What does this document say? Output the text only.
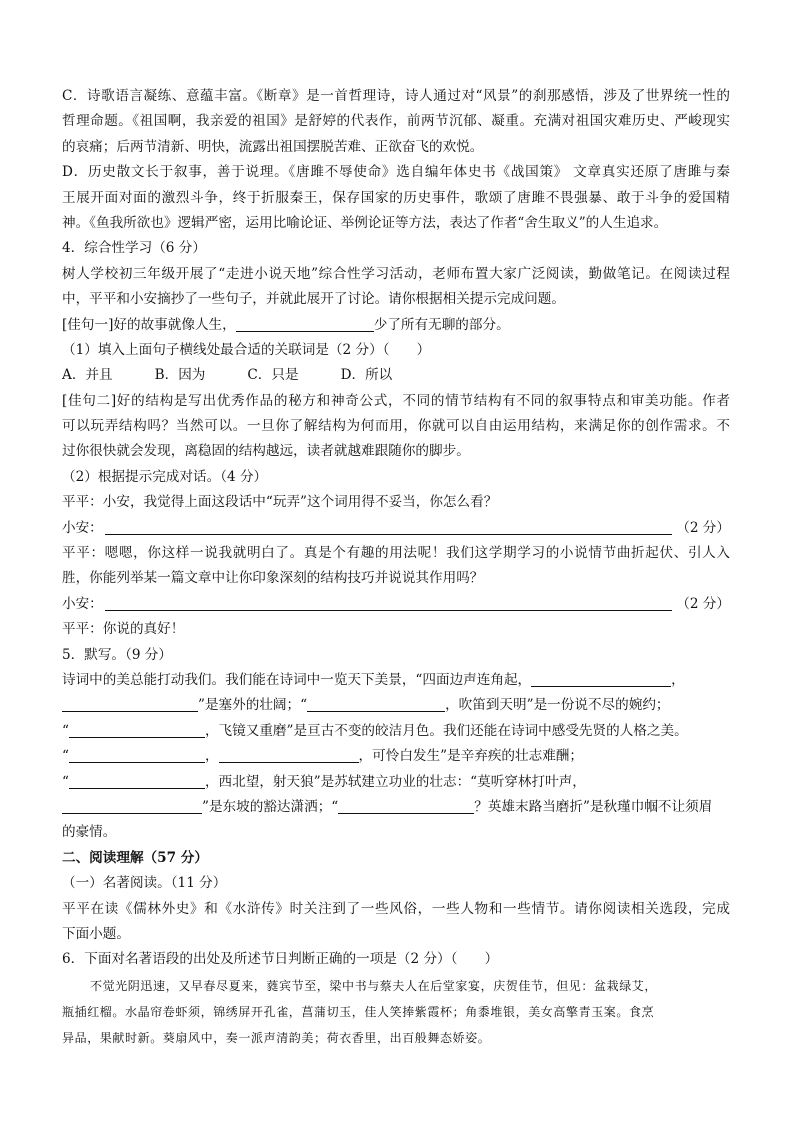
C．诗歌语言凝练、意蕴丰富。《断章》是一首哲理诗，诗人通过对“风景”的刹那感悟，涉及了世界统一性的
哲理命题。《祖国啊，我亲爱的祖国》是舒婷的代表作，前两节沉郁、凝重。充满对祖国灾难历史、严峻现实
的哀痛；后两节清新、明快，流露出祖国摆脱苦难、正欲奋飞的欢悦。
D．历史散文长于叙事，善于说理。《唐雎不辱使命》选自编年体史书《战国策》 文章真实还原了唐雎与秦
王展开面对面的激烈斗争，终于折服秦王，保存国家的历史事件，歌颂了唐雎不畏强暴、敢于斗争的爱国精
神。《鱼我所欲也》逻辑严密，运用比喻论证、举例论证等方法，表达了作者“舍生取义”的人生追求。
4．综合性学习（6 分）
树人学校初三年级开展了“走进小说天地”综合性学习活动，老师布置大家广泛阅读，勤做笔记。在阅读过程
中，平平和小安摘抄了一些句子，并就此展开了讨论。请你根据相关提示完成问题。
[佳句一]好的故事就像人生，	少了所有无聊的部分。
（1）填入上面句子横线处最合适的关联词是（2 分）（　　）
A．并且	B．因为	C．只是	D．所以
[佳句二]好的结构是写出优秀作品的秘方和神奇公式，不同的情节结构有不同的叙事特点和审美功能。作者
可以玩弄结构吗？当然可以。一旦你了解结构为何而用，你就可以自由运用结构，来满足你的创作需求。不
过你很快就会发现，离稳固的结构越远，读者就越难跟随你的脚步。
（2）根据提示完成对话。（4 分）
平平：小安，我觉得上面这段话中“玩弄”这个词用得不妥当，你怎么看？
小安：	（2 分）
平平：嗯嗯，你这样一说我就明白了。真是个有趣的用法呢！我们这学期学习的小说情节曲折起伏、引人入
胜，你能列举某一篇文章中让你印象深刻的结构技巧并说说其作用吗？
小安：	（2 分）
平平：你说的真好！
5．默写。（9 分）
诗词中的美总能打动我们。我们能在诗词中一览天下美景，“四面边声连角起，	，
”是塞外的壮阔；“	，吹笛到天明”是一份说不尽的婉约；
“	，飞镜又重磨”是亘古不变的皎洁月色。我们还能在诗词中感受先贤的人格之美。
“	，	，可怜白发生”是辛弃疾的壮志难酬；
“	，西北望，射天狼”是苏轼建立功业的壮志：“莫听穿林打叶声，
”是东坡的豁达潇洒；“	？英雄末路当磨折”是秋瑾巾帼不让须眉
的豪情。
二、阅读理解（57 分）
（一）名著阅读。（11 分）
平平在读《儒林外史》和《水浒传》时关注到了一些风俗，一些人物和一些情节。请你阅读相关选段，完成
下面小题。
6．下面对名著语段的出处及所述节日判断正确的一项是（2 分）（　　）
不觉光阴迅速，又早春尽夏来，蕤宾节至，梁中书与蔡夫人在后堂家宴，庆贺佳节，但见：盆栽绿艾，
瓶插红榴。水晶帘卷虾须，锦绣屏开孔雀，菖蒲切玉，佳人笑捧紫霞杯；角黍堆银，美女高擎青玉案。食烹
异品，果献时新。葵扇风中，奏一派声清韵美；荷衣香里，出百般舞态娇姿。
